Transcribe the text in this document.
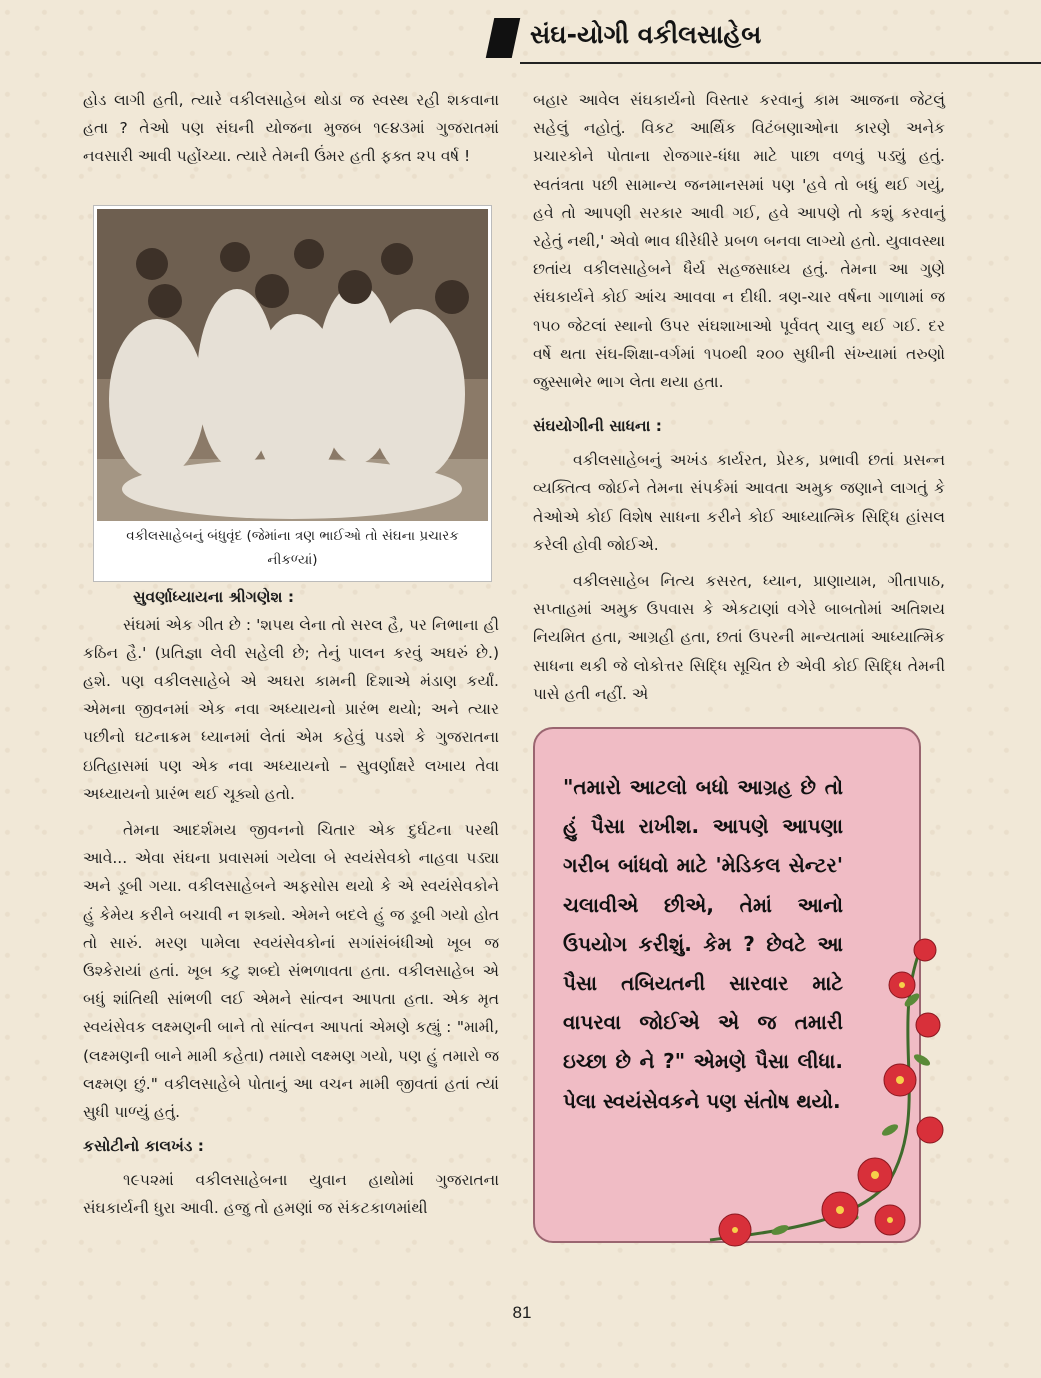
સંઘ-યોગી વકીલસાહેબ

હોડ લાગી હતી, ત્યારે વકીલસાહેબ થોડા જ સ્વસ્થ રહી શકવાના હતા ? તેઓ પણ સંઘની યોજના મુજબ ૧૯૪૩માં ગુજરાતમાં નવસારી આવી પહોંચ્યા. ત્યારે તેમની ઉંમર હતી ફક્ત ૨૫ વર્ષ !

સુવર્ણાધ્યાયના શ્રીગણેશ :

સંઘમાં એક ગીત છે : 'શપથ લેના તો સરલ હૈ, પર નિભાના હી કઠિન હૈ.' (પ્રતિજ્ઞા લેવી સહેલી છે; તેનું પાલન કરવું અઘરું છે.) હશે. પણ વકીલસાહેબે એ અઘરા કામની દિશાએ મંડાણ કર્યાં. એમના જીવનમાં એક નવા અધ્યાયનો પ્રારંભ થયો; અને ત્યાર પછીનો ઘટનાક્રમ ધ્યાનમાં લેતાં એમ કહેવું પડશે કે ગુજરાતના ઇતિહાસમાં પણ એક નવા અધ્યાયનો – સુવર્ણાક્ષરે લખાય તેવા અધ્યાયનો પ્રારંભ થઈ ચૂક્યો હતો.

તેમના આદર્શમય જીવનનો ચિતાર એક દુર્ઘટના પરથી આવે... એવા સંઘના પ્રવાસમાં ગયેલા બે સ્વયંસેવકો નાહવા પડ્યા અને ડૂબી ગયા. વકીલસાહેબને અફસોસ થયો કે એ સ્વયંસેવકોને હું કેમેય કરીને બચાવી ન શક્યો. એમને બદલે હું જ ડૂબી ગયો હોત તો સારું. મરણ પામેલા સ્વયંસેવકોનાં સગાંસંબંધીઓ ખૂબ જ ઉશ્કેરાયાં હતાં. ખૂબ કટુ શબ્દો સંભળાવતા હતા. વકીલસાહેબ એ બધું શાંતિથી સાંભળી લઈ એમને સાંત્વન આપતા હતા. એક મૃત સ્વયંસેવક લક્ષ્મણની બાને તો સાંત્વન આપતાં એમણે કહ્યું : "મામી, (લક્ષ્મણની બાને મામી કહેતા) તમારો લક્ષ્મણ ગયો, પણ હું તમારો જ લક્ષ્મણ છું." વકીલસાહેબે પોતાનું આ વચન મામી જીવતાં હતાં ત્યાં સુધી પાળ્યું હતું.

કસોટીનો કાલખંડ :

૧૯૫૨માં વકીલસાહેબના યુવાન હાથોમાં ગુજરાતના સંઘકાર્યની ધુરા આવી. હજુ તો હમણાં જ સંકટકાળમાંથી

વકીલસાહેબનું બંધુવૃંદ (જેમાંના ત્રણ ભાઈઓ તો સંઘના પ્રચારક નીકળ્યાં)

બહાર આવેલ સંઘકાર્યનો વિસ્તાર કરવાનું કામ આજના જેટલું સહેલું નહોતું. વિકટ આર્થિક વિટંબણાઓના કારણે અનેક પ્રચારકોને પોતાના રોજગાર-ધંધા માટે પાછા વળવું પડ્યું હતું. સ્વતંત્રતા પછી સામાન્ય જનમાનસમાં પણ 'હવે તો બધું થઈ ગયું, હવે તો આપણી સરકાર આવી ગઈ, હવે આપણે તો કશું કરવાનું રહેતું નથી,' એવો ભાવ ધીરેધીરે પ્રબળ બનવા લાગ્યો હતો. યુવાવસ્થા છતાંય વકીલસાહેબને ધૈર્ય સહજસાધ્ય હતું. તેમના આ ગુણે સંઘકાર્યને કોઈ આંચ આવવા ન દીધી. ત્રણ-ચાર વર્ષના ગાળામાં જ ૧૫૦ જેટલાં સ્થાનો ઉપર સંઘશાખાઓ પૂર્વવત્ ચાલુ થઈ ગઈ. દર વર્ષે થતા સંઘ-શિક્ષા-વર્ગમાં ૧૫૦થી ૨૦૦ સુધીની સંખ્યામાં તરુણો જુસ્સાભેર ભાગ લેતા થયા હતા.

સંઘયોગીની સાધના :

વકીલસાહેબનું અખંડ કાર્યરત, પ્રેરક, પ્રભાવી છતાં પ્રસન્ન વ્યક્તિત્વ જોઈને તેમના સંપર્કમાં આવતા અમુક જણાને લાગતું કે તેઓએ કોઈ વિશેષ સાધના કરીને કોઈ આધ્યાત્મિક સિદ્ધિ હાંસલ કરેલી હોવી જોઈએ.

વકીલસાહેબ નિત્ય કસરત, ધ્યાન, પ્રાણાયામ, ગીતાપાઠ, સપ્તાહમાં અમુક ઉપવાસ કે એકટાણાં વગેરે બાબતોમાં અતિશય નિયમિત હતા, આગ્રહી હતા, છતાં ઉપરની માન્યતામાં આધ્યાત્મિક સાધના થકી જે લોકોત્તર સિદ્ધિ સૂચિત છે એવી કોઈ સિદ્ધિ તેમની પાસે હતી નહીં. એ

"તમારો આટલો બધો આગ્રહ છે તો હું પૈસા રાખીશ. આપણે આપણા ગરીબ બાંધવો માટે 'મેડિકલ સેન્ટર' ચલાવીએ છીએ, તેમાં આનો ઉપયોગ કરીશું. કેમ ? છેવટે આ પૈસા તબિયતની સારવાર માટે વાપરવા જોઈએ એ જ તમારી ઇચ્છા છે ને ?" એમણે પૈસા લીધા. પેલા સ્વયંસેવકને પણ સંતોષ થયો.
81
